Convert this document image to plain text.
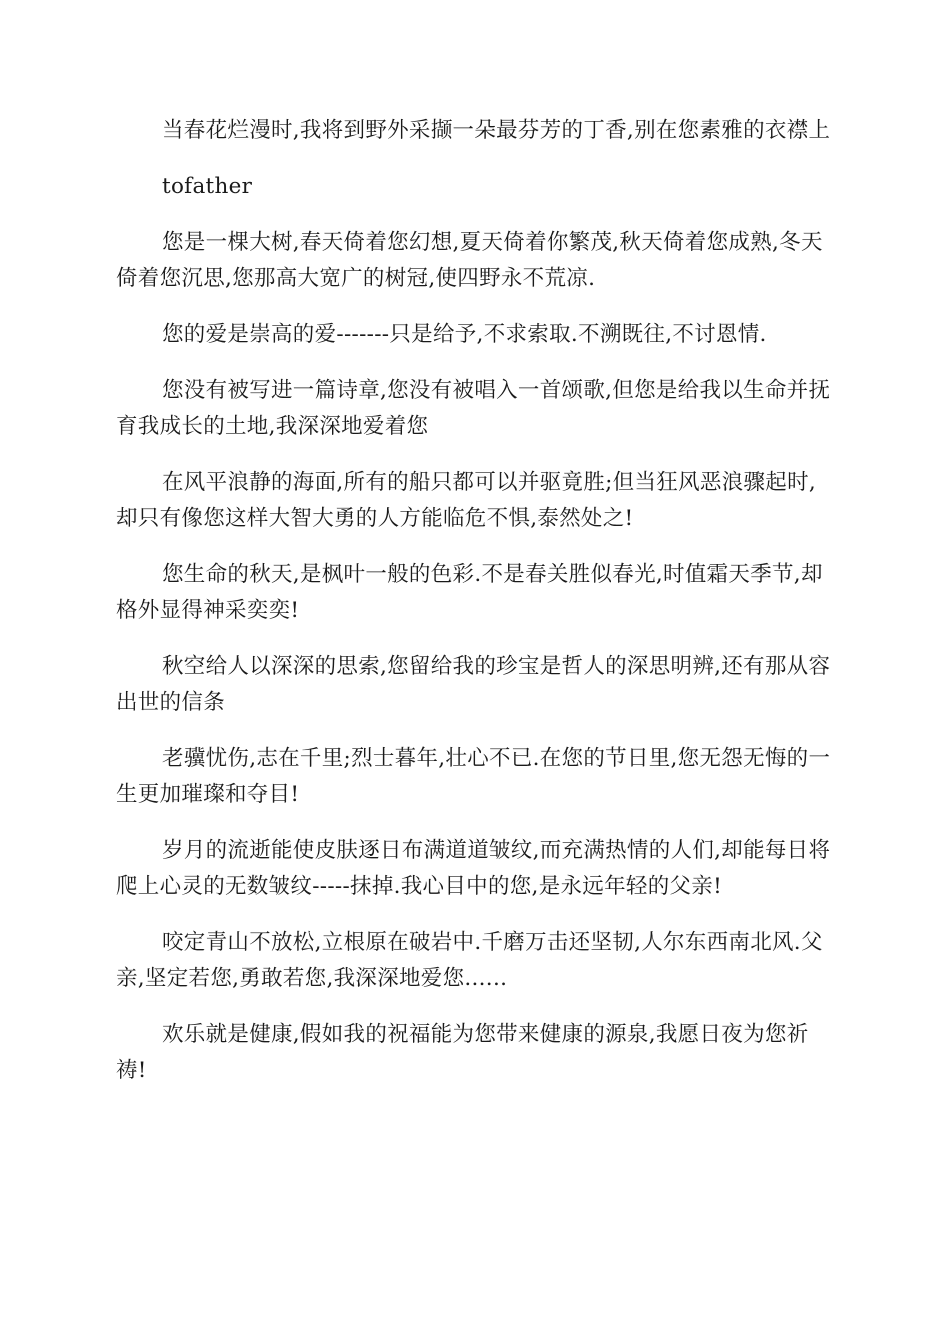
当春花烂漫时,我将到野外采撷一朵最芬芳的丁香,别在您素雅的衣襟上

tofather

您是一棵大树,春天倚着您幻想,夏天倚着你繁茂,秋天倚着您成熟,冬天倚着您沉思,您那高大宽广的树冠,使四野永不荒凉.

您的爱是崇高的爱-------只是给予,不求索取.不溯既往,不讨恩情.

您没有被写进一篇诗章,您没有被唱入一首颂歌,但您是给我以生命并抚育我成长的土地,我深深地爱着您

在风平浪静的海面,所有的船只都可以并驱竟胜;但当狂风恶浪骤起时,却只有像您这样大智大勇的人方能临危不惧,泰然处之!

您生命的秋天,是枫叶一般的色彩.不是春关胜似春光,时值霜天季节,却格外显得神采奕奕!

秋空给人以深深的思索,您留给我的珍宝是哲人的深思明辨,还有那从容出世的信条

老骥忧伤,志在千里;烈士暮年,壮心不已.在您的节日里,您无怨无悔的一生更加璀璨和夺目!

岁月的流逝能使皮肤逐日布满道道皱纹,而充满热情的人们,却能每日将爬上心灵的无数皱纹-----抹掉.我心目中的您,是永远年轻的父亲!

咬定青山不放松,立根原在破岩中.千磨万击还坚韧,人尔东西南北风.父亲,坚定若您,勇敢若您,我深深地爱您......

欢乐就是健康,假如我的祝福能为您带来健康的源泉,我愿日夜为您祈祷!
